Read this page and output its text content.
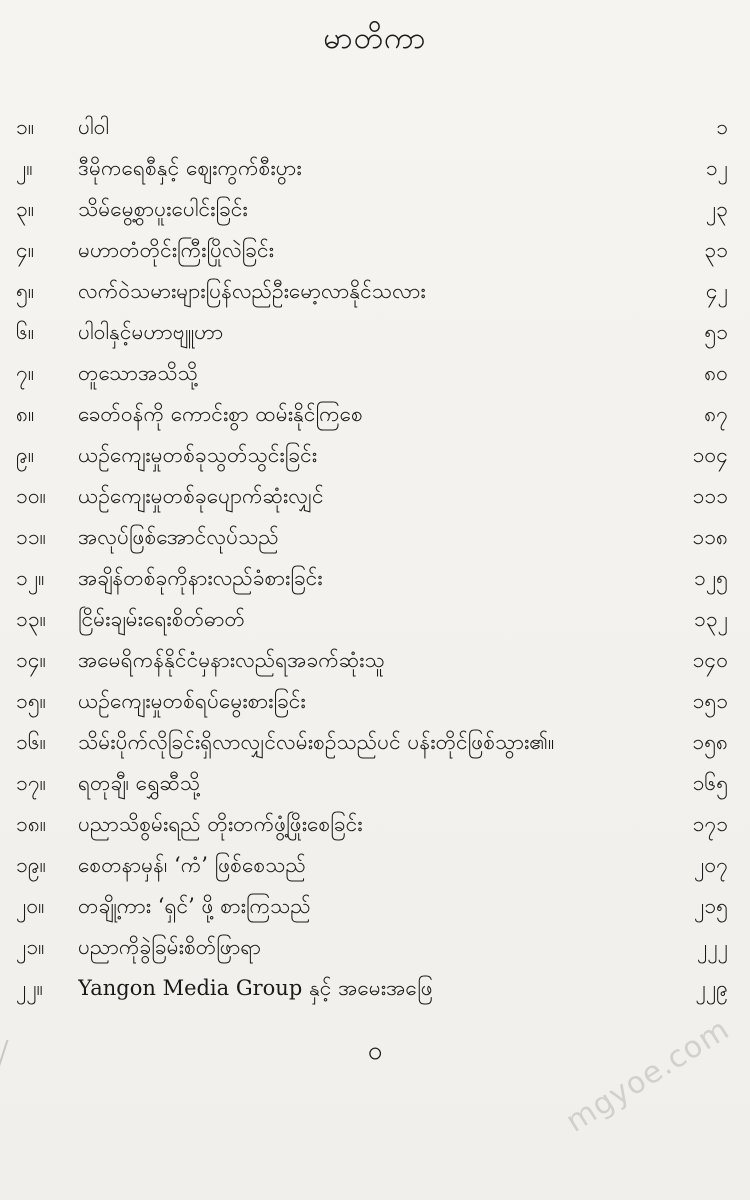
မာတိကာ
၁။	ပါဝါ	၁
၂။	ဒီမိုကရေစီနှင့် ဈေးကွက်စီးပွား	၁၂
၃။	သိမ်မွေ့စွာပူးပေါင်းခြင်း	၂၃
၄။	မဟာတံတိုင်းကြီးပြိုလဲခြင်း	၃၁
၅။	လက်ဝဲသမားများပြန်လည်ဦးမော့လာနိုင်သလား	၄၂
၆။	ပါဝါနှင့်မဟာဗျူဟာ	၅၁
၇။	တူသောအသိသို့	၈၀
၈။	ခေတ်ဝန်ကို ကောင်းစွာ ထမ်းနိုင်ကြစေ	၈၇
၉။	ယဉ်ကျေးမှုတစ်ခုသွတ်သွင်းခြင်း	၁၀၄
၁၀။	ယဉ်ကျေးမှုတစ်ခုပျောက်ဆုံးလျှင်	၁၁၁
၁၁။	အလုပ်ဖြစ်အောင်လုပ်သည်	၁၁၈
၁၂။	အချိန်တစ်ခုကိုနားလည်ခံစားခြင်း	၁၂၅
၁၃။	ငြိမ်းချမ်းရေးစိတ်ဓာတ်	၁၃၂
၁၄။	အမေရိကန်နိုင်ငံမှနားလည်ရအခက်ဆုံးသူ	၁၄၀
၁၅။	ယဉ်ကျေးမှုတစ်ရပ်မွေးစားခြင်း	၁၅၁
၁၆။	သိမ်းပိုက်လိုခြင်းရှိလာလျှင်လမ်းစဉ်သည်ပင် ပန်းတိုင်ဖြစ်သွား၏။	၁၅၈
၁၇။	ရတုချီ၊ ရွှေဆီသို့	၁၆၅
၁၈။	ပညာသိစွမ်းရည် တိုးတက်ဖွံ့ဖြိုးစေခြင်း	၁၇၁
၁၉။	စေတနာမှန်၊ ‘ကံ’ ဖြစ်စေသည်	၂၀၇
၂၀။	တချို့ကား ‘ရှင်’ ဖို့ စားကြသည်	၂၁၅
၂၁။	ပညာကိုခွဲခြမ်းစိတ်ဖြာရာ	၂၂၂
၂၂။	Yangon Media Group နှင့် အမေးအဖြေ	၂၂၉
၀	mgyoe.com
